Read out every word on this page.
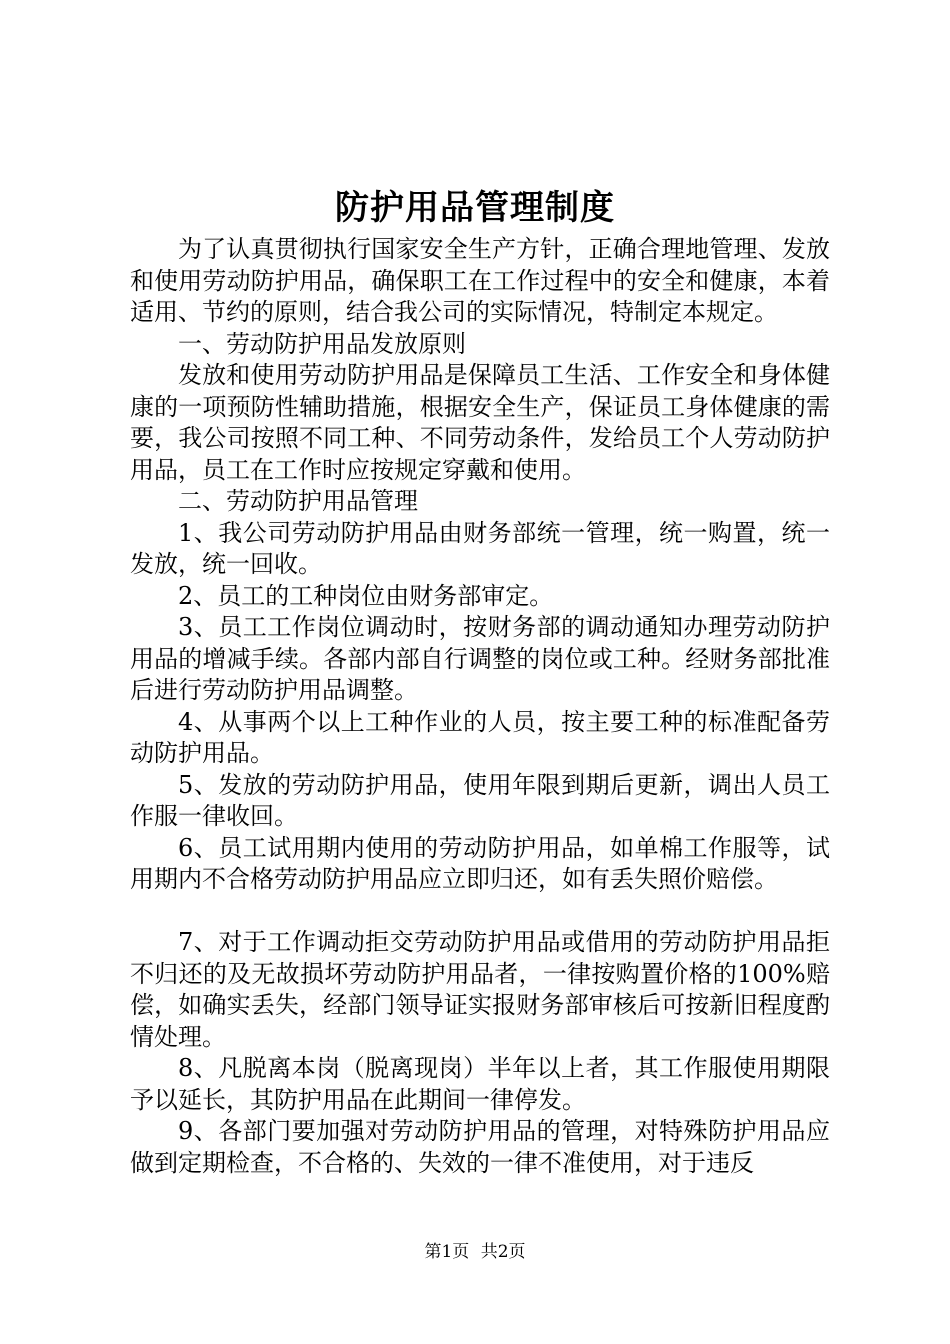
防护用品管理制度

为了认真贯彻执行国家安全生产方针，正确合理地管理、发放和使用劳动防护用品，确保职工在工作过程中的安全和健康，本着适用、节约的原则，结合我公司的实际情况，特制定本规定。

一、劳动防护用品发放原则

发放和使用劳动防护用品是保障员工生活、工作安全和身体健康的一项预防性辅助措施，根据安全生产，保证员工身体健康的需要，我公司按照不同工种、不同劳动条件，发给员工个人劳动防护用品，员工在工作时应按规定穿戴和使用。

二、劳动防护用品管理

1、我公司劳动防护用品由财务部统一管理，统一购置，统一发放，统一回收。

2、员工的工种岗位由财务部审定。

3、员工工作岗位调动时，按财务部的调动通知办理劳动防护用品的增减手续。各部内部自行调整的岗位或工种。经财务部批准后进行劳动防护用品调整。

4、从事两个以上工种作业的人员，按主要工种的标准配备劳动防护用品。

5、发放的劳动防护用品，使用年限到期后更新，调出人员工作服一律收回。

6、员工试用期内使用的劳动防护用品，如单棉工作服等，试用期内不合格劳动防护用品应立即归还，如有丢失照价赔偿。

7、对于工作调动拒交劳动防护用品或借用的劳动防护用品拒不归还的及无故损坏劳动防护用品者，一律按购置价格的100%赔偿，如确实丢失，经部门领导证实报财务部审核后可按新旧程度酌情处理。

8、凡脱离本岗（脱离现岗）半年以上者，其工作服使用期限予以延长，其防护用品在此期间一律停发。

9、各部门要加强对劳动防护用品的管理，对特殊防护用品应做到定期检查，不合格的、失效的一律不准使用，对于违反

第1页 共2页
